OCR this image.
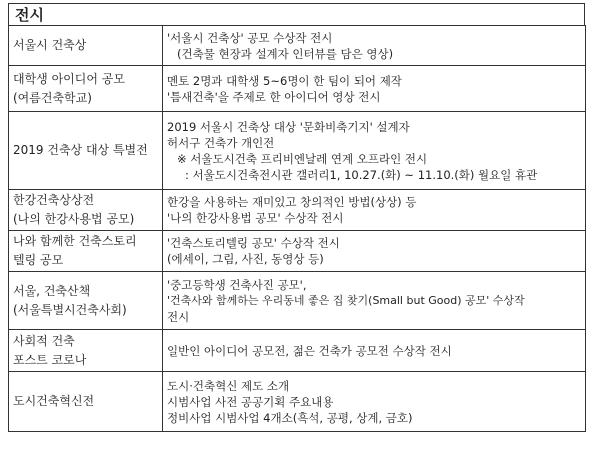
전시
서울시 건축상	'서울시 건축상' 공모 수상작 전시
(건축물 현장과 설계자 인터뷰를 담은 영상)

대학생 아이디어 공모
(여름건축학교)	멘토 2명과 대학생 5~6명이 한 팀이 되어 제작
'틈새건축'을 주제로 한 아이디어 영상 전시

2019 건축상 대상 특별전	2019 서울시 건축상 대상 '문화비축기지' 설계자
허서구 건축가 개인전
※ 서울도시건축 프리비엔날레 연계 오프라인 전시
: 서울도시건축전시관 갤러리1, 10.27.(화) ~ 11.10.(화) 월요일 휴관

한강건축상상전
(나의 한강사용법 공모)	한강을 사용하는 재미있고 창의적인 방법(상상) 등
'나의 한강사용법 공모' 수상작 전시

나와 함께한 건축스토리
텔링 공모	'건축스토리텔링 공모' 수상작 전시
(에세이, 그림, 사진, 동영상 등)

서울, 건축산책
(서울특별시건축사회)	'중고등학생 건축사진 공모',
'건축사와 함께하는 우리동네 좋은 집 찾기(Small but Good) 공모' 수상작
전시

사회적 건축
포스트 코로나	일반인 아이디어 공모전, 젊은 건축가 공모전 수상작 전시

도시건축혁신전	도시·건축혁신 제도 소개
시범사업 사전 공공기획 주요내용
정비사업 시범사업 4개소(흑석, 공평, 상계, 금호)
